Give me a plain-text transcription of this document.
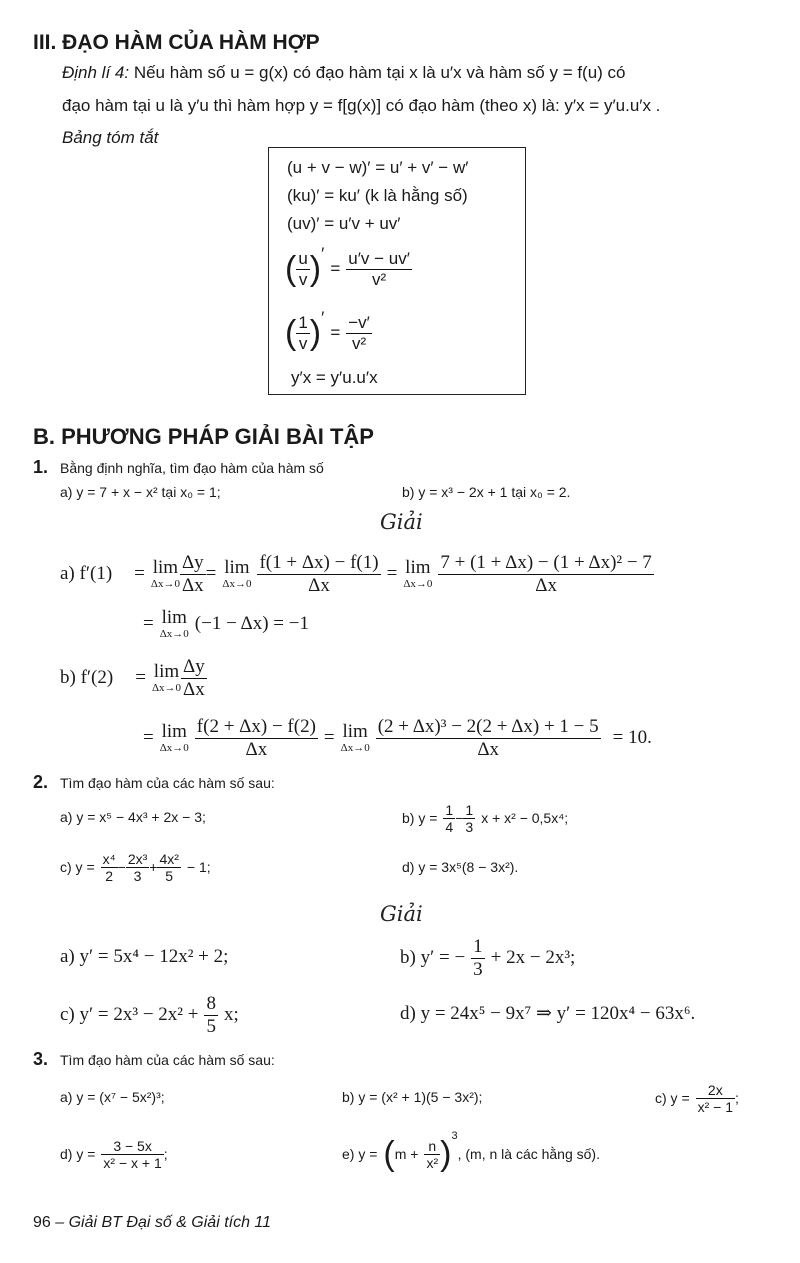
III. ĐẠO HÀM CỦA HÀM HỢP
Định lí 4: Nếu hàm số u = g(x) có đạo hàm tại x là u′x và hàm số y = f(u) có
đạo hàm tại u là y′u thì hàm hợp y = f[g(x)] có đạo hàm (theo x) là: y′x = y′u.u′x .
Bảng tóm tắt
(u + v − w)′ = u′ + v′ − w′
(ku)′ = ku′ (k là hằng số)
(uv)′ = u′v + uv′
( $\frac{u}{v}$ ) ′
= $\frac{u'v - uv'}{\text{v²}}$
( $\frac{1}{v}$ ) ′
= $\frac{-v'}{\text{v²}}$
y′x = y′u.u′x
B. PHƯƠNG PHÁP GIẢI BÀI TẬP
1. Bằng định nghĩa, tìm đạo hàm của hàm số
a) y = 7 + x − x² tại x₀ = 1;	b) y = x³ − 2x + 1 tại x₀ = 2.
Giải
a) f′(1) = lim
$\Delta x\to 0 \frac{\Delta y}{\Delta x} = \lim$
$\Delta x\to 0 \frac{f(1 + \Delta x) - f(1)}{\Delta x} = \lim$
$\Delta x\to 0 \frac{\text{7 + (1 + Δx) − (1 + Δx)² − 7}}{\Delta x}$
= lim
Δx→0 (−1 − Δx) = −1
b) f′(2) = lim
$\Delta x\to 0 \frac{\Delta y}{\Delta x}$
= lim
$\Delta x\to 0 \frac{f(2 + \Delta x) - f(2)}{\Delta x} = \lim$
$\Delta x\to 0 \frac{\text{(2 + Δx)³ − 2(2 + Δx) + 1 − 5}}{\Delta x} = 10$.
2. Tìm đạo hàm của các hàm số sau:
a) y = x⁵ − 4x³ + 2x − 3;	b) $y = \frac{1}{4} - \frac{1}{3}$ x + x² − 0,5x⁴;
c) $y = \frac{\text{x⁴}}{2} - \frac{\text{2x³}}{3} + \frac{\text{4x²}}{5} - 1$;	d) y = 3x⁵(8 − 3x²).
Giải
a) y′ = 5x⁴ − 12x² + 2;	b) y′ = − $\frac{1}{3} + 2x - 2x^3$;
c) $y' = 2x^3 - 2x^2 + \frac{8}{5} x$;	d) y = 24x⁵ − 9x⁷ ⇒ y′ = 120x⁴ − 63x⁶.
3. Tìm đạo hàm của các hàm số sau:
a) y = (x⁷ − 5x²)³;	b) y = (x² + 1)(5 − 3x²);	c) $y = \frac{2x}{\text{x² − 1}}$ ;
d) $y = \frac{3 - 5x}{\text{x² − x + 1}}$ ;	e) y = ( $m + \frac{n}{\text{x²}}$ ) 3
, (m, n là các hằng số).
96 – Giải BT Đại số & Giải tích 11
